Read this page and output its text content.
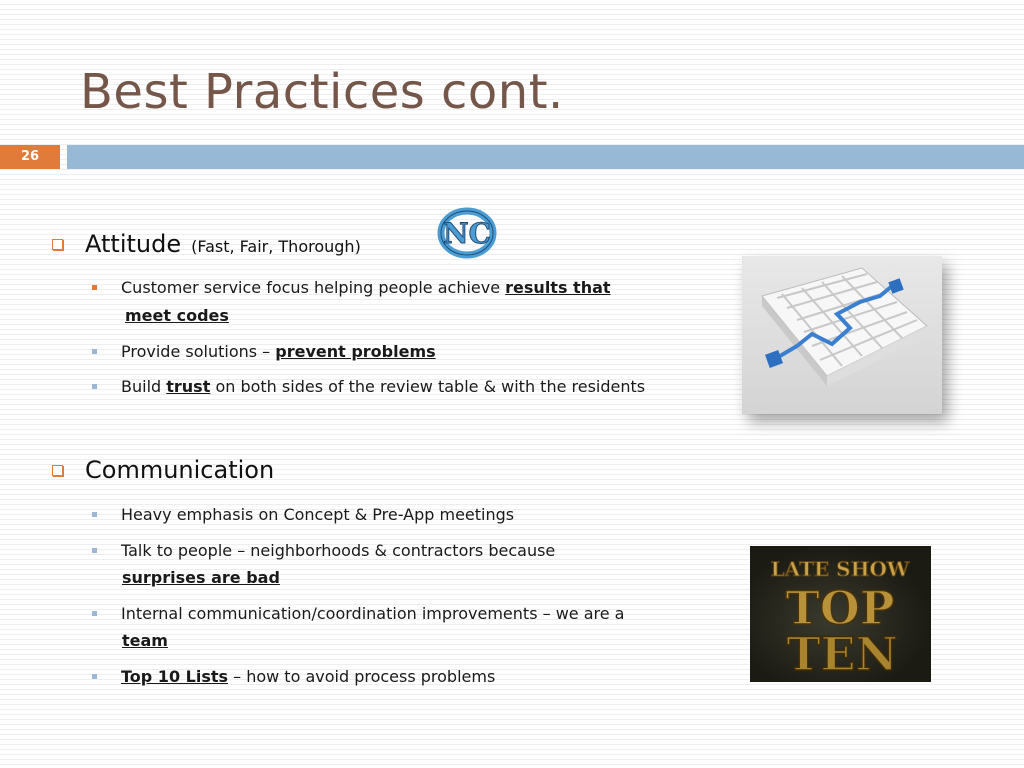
Best Practices cont.
26
Attitude (Fast, Fair, Thorough)	NC
Customer service focus helping people achieve results that
meet codes
Provide solutions – prevent problems
Build trust on both sides of the review table & with the residents
Communication
Heavy emphasis on Concept & Pre-App meetings
Talk to people – neighborhoods & contractors because
surprises are bad
Internal communication/coordination improvements – we are a
team
Top 10 Lists – how to avoid process problems
LATE SHOW
TOP
TEN
